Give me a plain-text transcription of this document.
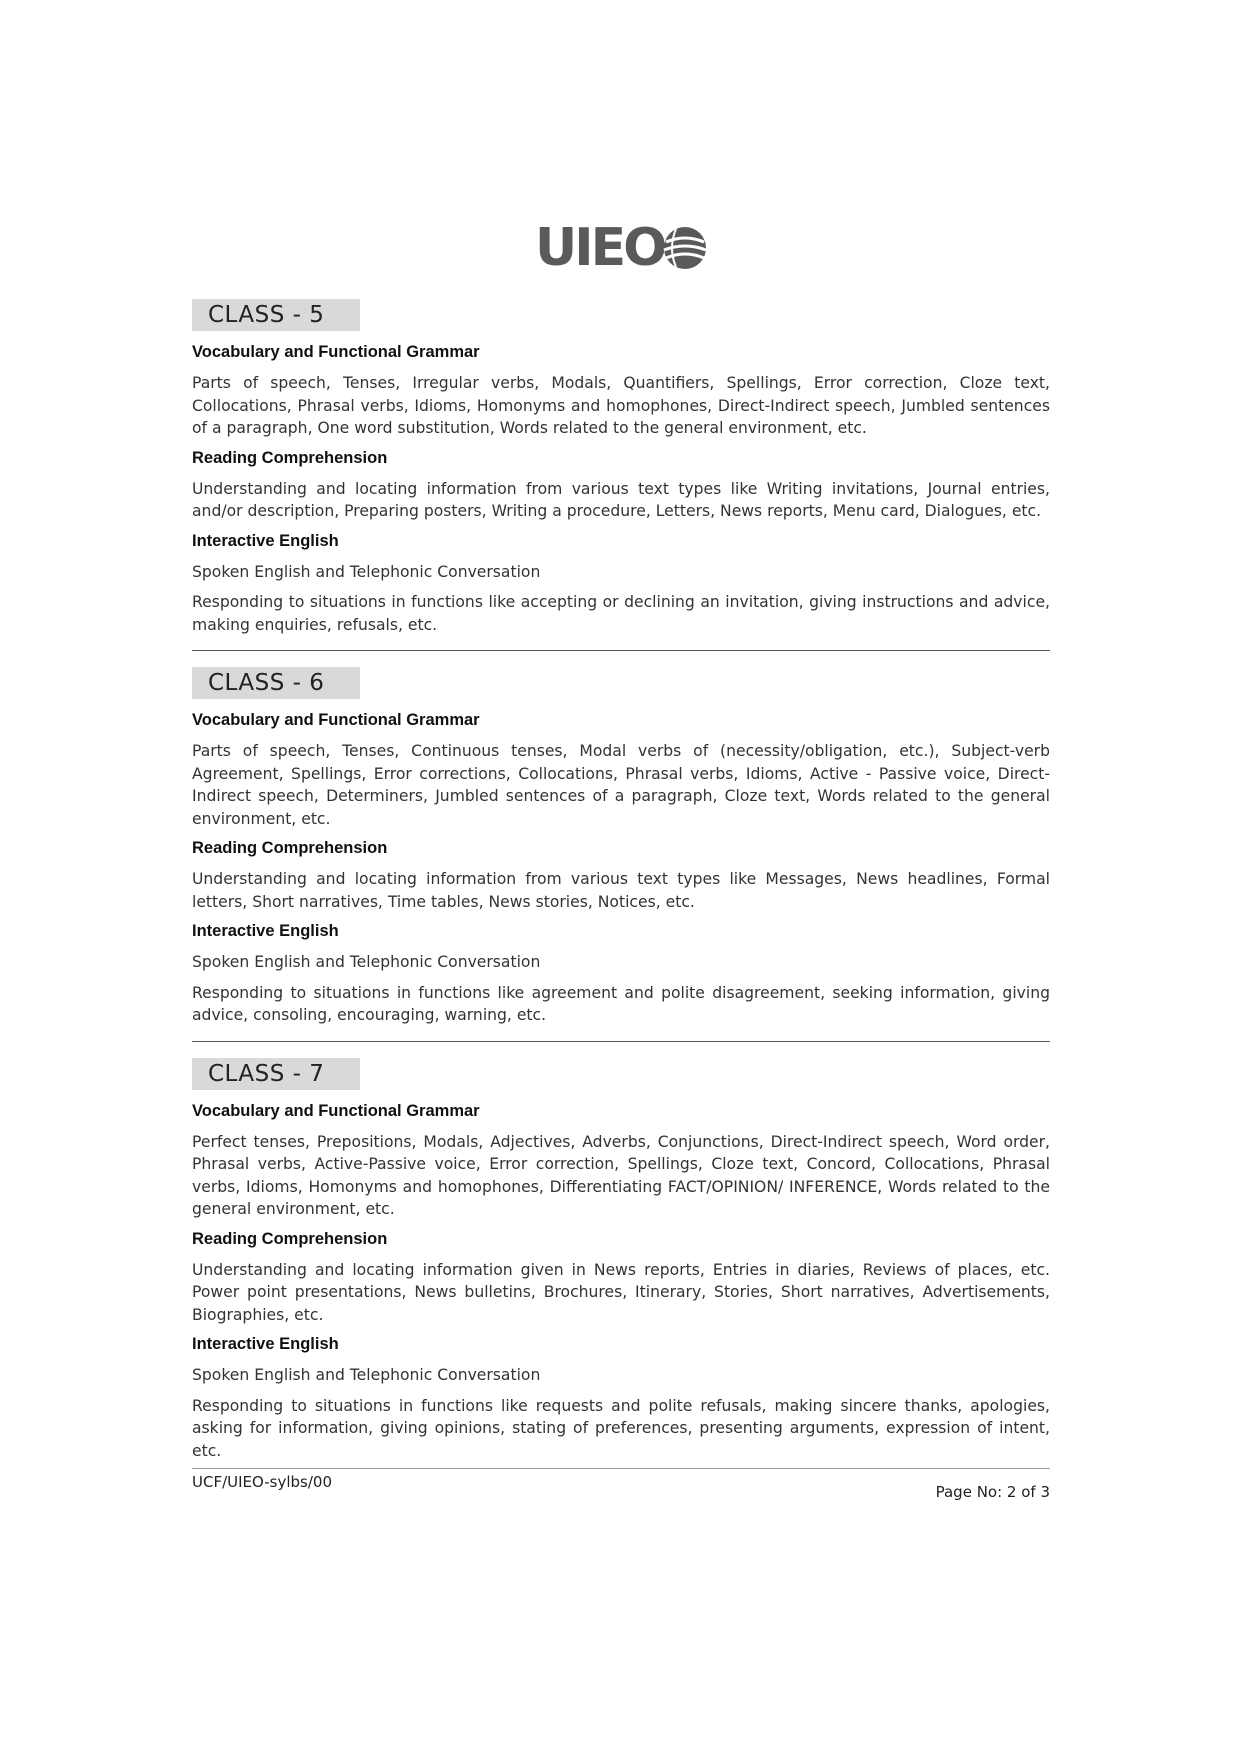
UIEO
CLASS - 5
Vocabulary and Functional Grammar

Parts of speech, Tenses, Irregular verbs, Modals, Quantifiers, Spellings, Error correction, Cloze text, Collocations, Phrasal verbs, Idioms, Homonyms and homophones, Direct-Indirect speech, Jumbled sentences of a paragraph, One word substitution, Words related to the general environment, etc.

Reading Comprehension

Understanding and locating information from various text types like Writing invitations, Journal entries, and/or description, Preparing posters, Writing a procedure, Letters, News reports, Menu card, Dialogues, etc.

Interactive English

Spoken English and Telephonic Conversation

Responding to situations in functions like accepting or declining an invitation, giving instructions and advice, making enquiries, refusals, etc.

CLASS - 6
Vocabulary and Functional Grammar

Parts of speech, Tenses, Continuous tenses, Modal verbs of (necessity/obligation, etc.), Subject-verb Agreement, Spellings, Error corrections, Collocations, Phrasal verbs, Idioms, Active - Passive voice, Direct-Indirect speech, Determiners, Jumbled sentences of a paragraph, Cloze text, Words related to the general environment, etc.

Reading Comprehension

Understanding and locating information from various text types like Messages, News headlines, Formal letters, Short narratives, Time tables, News stories, Notices, etc.

Interactive English

Spoken English and Telephonic Conversation

Responding to situations in functions like agreement and polite disagreement, seeking information, giving advice, consoling, encouraging, warning, etc.

CLASS - 7
Vocabulary and Functional Grammar

Perfect tenses, Prepositions, Modals, Adjectives, Adverbs, Conjunctions, Direct-Indirect speech, Word order, Phrasal verbs, Active-Passive voice, Error correction, Spellings, Cloze text, Concord, Collocations, Phrasal verbs, Idioms, Homonyms and homophones, Differentiating FACT/OPINION/ INFERENCE, Words related to the general environment, etc.

Reading Comprehension

Understanding and locating information given in News reports, Entries in diaries, Reviews of places, etc. Power point presentations, News bulletins, Brochures, Itinerary, Stories, Short narratives, Advertisements, Biographies, etc.

Interactive English

Spoken English and Telephonic Conversation

Responding to situations in functions like requests and polite refusals, making sincere thanks, apologies, asking for information, giving opinions, stating of preferences, presenting arguments, expression of intent, etc.

UCF/UIEO-sylbs/00
Page No: 2 of 3
